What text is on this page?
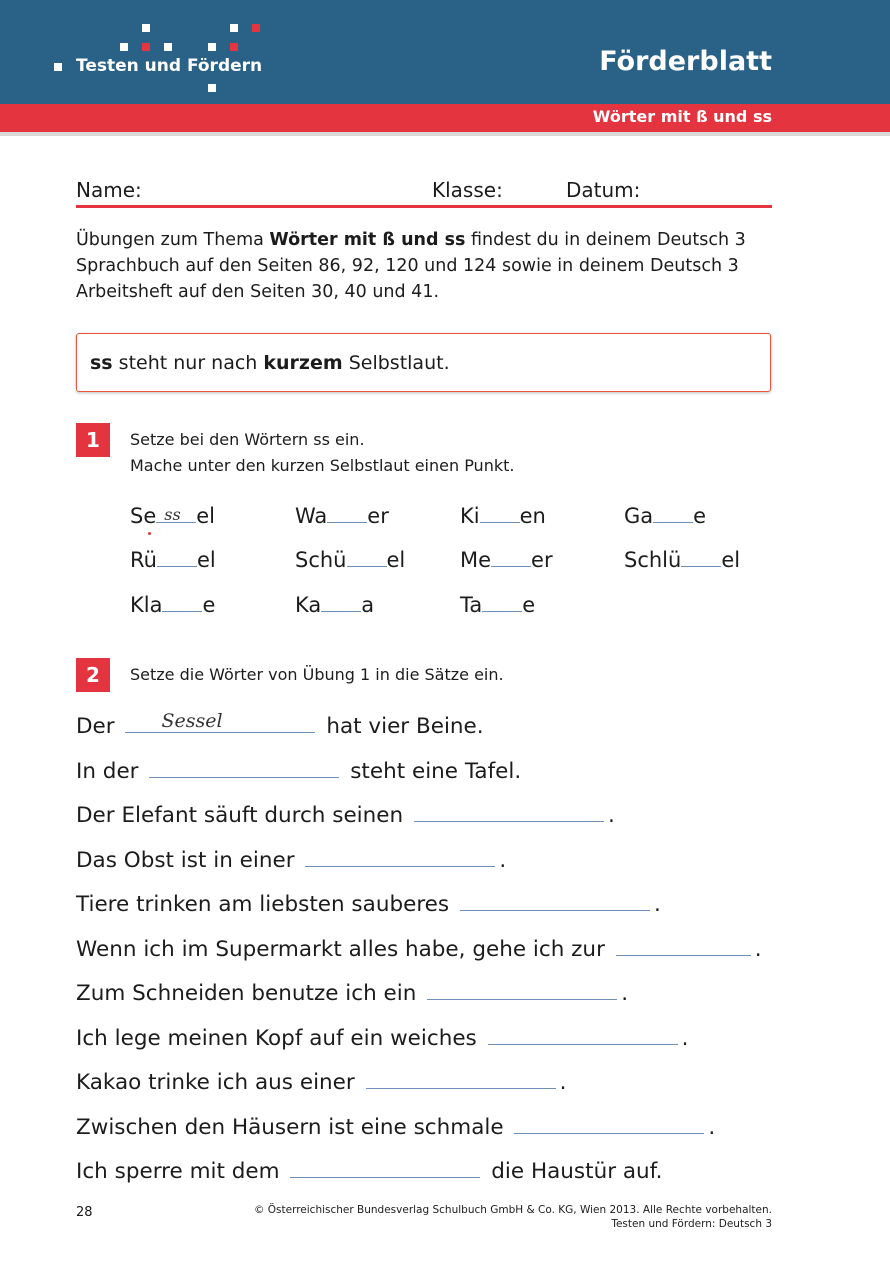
Testen und Fördern	Förderblatt
Wörter mit ß und ss
Name:	Klasse:	Datum:
Übungen zum Thema Wörter mit ß und ss findest du in deinem Deutsch 3 Sprachbuch auf den Seiten 86, 92, 120 und 124 sowie in deinem Deutsch 3 Arbeitsheft auf den Seiten 30, 40 und 41.
ss steht nur nach kurzem Selbstlaut.
1	Setze bei den Wörtern ss ein.
Mache unter den kurzen Selbstlaut einen Punkt.
Se ss el	Wa er	Ki en	Ga e
Rü el	Schü el	Me er	Schlü el
Kla e	Ka a	Ta e
2	Setze die Wörter von Übung 1 in die Sätze ein.
Der Sessel	hat vier Beine.
In der	steht eine Tafel.
Der Elefant säuft durch seinen	.
Das Obst ist in einer	.
Tiere trinken am liebsten sauberes	.
Wenn ich im Supermarkt alles habe, gehe ich zur	.
Zum Schneiden benutze ich ein	.
Ich lege meinen Kopf auf ein weiches	.
Kakao trinke ich aus einer	.
Zwischen den Häusern ist eine schmale	.
Ich sperre mit dem	die Haustür auf.
28	© Österreichischer Bundesverlag Schulbuch GmbH & Co. KG, Wien 2013. Alle Rechte vorbehalten.
Testen und Fördern: Deutsch 3
